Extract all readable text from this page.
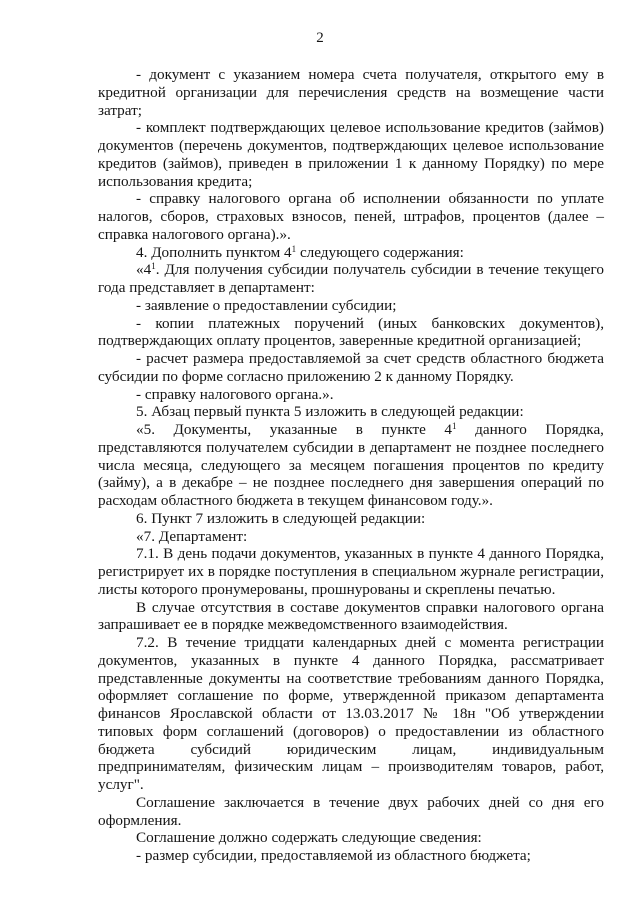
2

- документ с указанием номера счета получателя, открытого ему в кредитной организации для перечисления средств на возмещение части затрат;

- комплект подтверждающих целевое использование кредитов (займов) документов (перечень документов, подтверждающих целевое использование кредитов (займов), приведен в приложении 1 к данному Порядку) по мере использования кредита;

- справку налогового органа об исполнении обязанности по уплате налогов, сборов, страховых взносов, пеней, штрафов, процентов (далее – справка налогового органа).».

4. Дополнить пунктом $4^1$ следующего содержания:

«$4^1$. Для получения субсидии получатель субсидии в течение текущего года представляет в департамент:

- заявление о предоставлении субсидии;

- копии платежных поручений (иных банковских документов), подтверждающих оплату процентов, заверенные кредитной организацией;

- расчет размера предоставляемой за счет средств областного бюджета субсидии по форме согласно приложению 2 к данному Порядку.

- справку налогового органа.».

5. Абзац первый пункта 5 изложить в следующей редакции:

«5. Документы, указанные в пункте $4^1$ данного Порядка, представляются получателем субсидии в департамент не позднее последнего числа месяца, следующего за месяцем погашения процентов по кредиту (займу), а в декабре – не позднее последнего дня завершения операций по расходам областного бюджета в текущем финансовом году.».

6. Пункт 7 изложить в следующей редакции:

«7. Департамент:

7.1. В день подачи документов, указанных в пункте 4 данного Порядка, регистрирует их в порядке поступления в специальном журнале регистрации, листы которого пронумерованы, прошнурованы и скреплены печатью.

В случае отсутствия в составе документов справки налогового органа запрашивает ее в порядке межведомственного взаимодействия.

7.2. В течение тридцати календарных дней с момента регистрации документов, указанных в пункте 4 данного Порядка, рассматривает представленные документы на соответствие требованиям данного Порядка, оформляет соглашение по форме, утвержденной приказом департамента финансов Ярославской области от 13.03.2017 № 18н "Об утверждении типовых форм соглашений (договоров) о предоставлении из областного бюджета субсидий юридическим лицам, индивидуальным предпринимателям, физическим лицам – производителям товаров, работ, услуг".

Соглашение заключается в течение двух рабочих дней со дня его оформления.

Соглашение должно содержать следующие сведения:

- размер субсидии, предоставляемой из областного бюджета;
